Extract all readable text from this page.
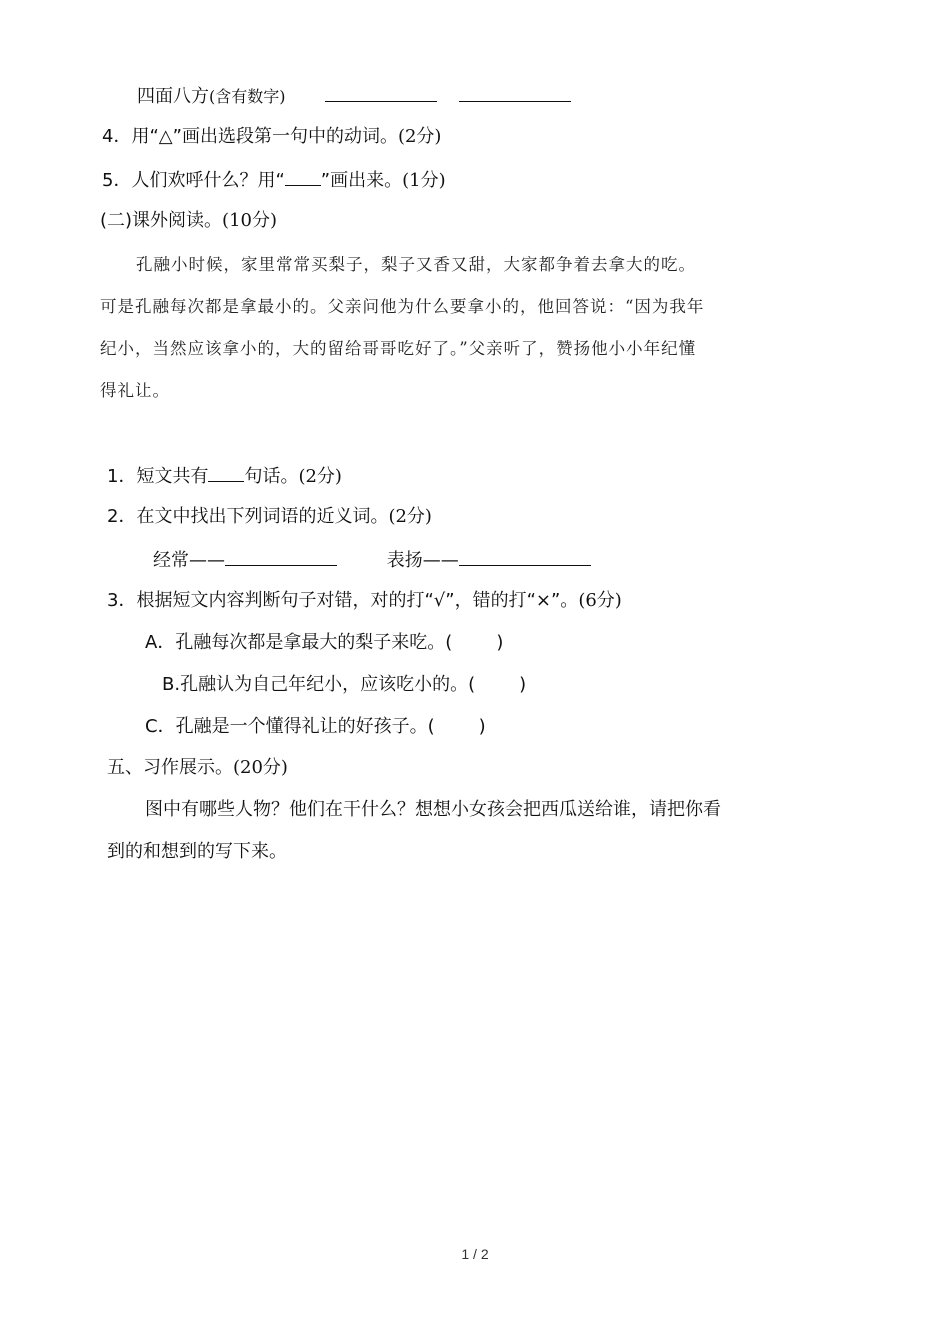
四面八方(含有数字)
4．用“△”画出选段第一句中的动词。(2分)
5．人们欢呼什么？用“ ”画出来。(1分)
(二)课外阅读。(10分)

孔融小时候，家里常常买梨子，梨子又香又甜，大家都争着去拿大的吃。

可是孔融每次都是拿最小的。父亲问他为什么要拿小的，他回答说：“因为我年

纪小，当然应该拿小的，大的留给哥哥吃好了。”父亲听了，赞扬他小小年纪懂

得礼让。

1．短文共有 句话。(2分)
2．在文中找出下列词语的近义词。(2分)
经常——	表扬——
3．根据短文内容判断句子对错，对的打“√”，错的打“×”。(6分)
A．孔融每次都是拿最大的梨子来吃。( )
B.孔融认为自己年纪小，应该吃小的。( )
C．孔融是一个懂得礼让的好孩子。( )
五、习作展示。(20分)
图中有哪些人物？他们在干什么？想想小女孩会把西瓜送给谁，请把你看
到的和想到的写下来。
1 / 2
